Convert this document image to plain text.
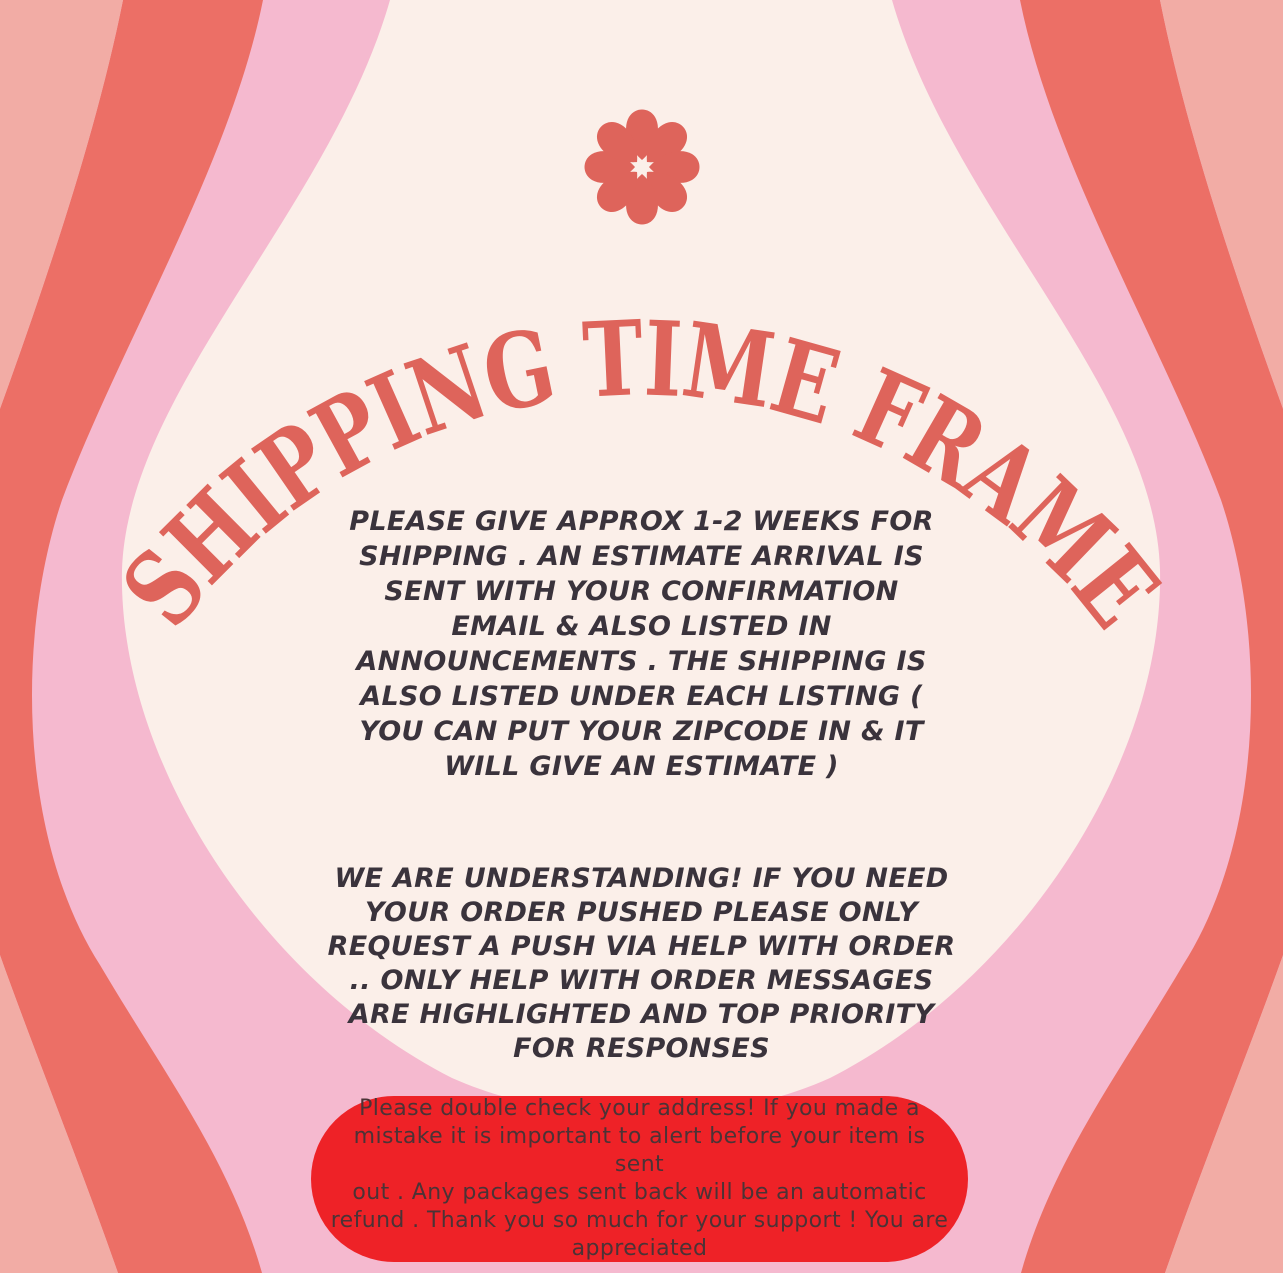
SHIPPING TIME FRAME
PLEASE GIVE APPROX 1-2 WEEKS FOR
SHIPPING . AN ESTIMATE ARRIVAL IS
SENT WITH YOUR CONFIRMATION
EMAIL & ALSO LISTED IN
ANNOUNCEMENTS . THE SHIPPING IS
ALSO LISTED UNDER EACH LISTING (
YOU CAN PUT YOUR ZIPCODE IN & IT
WILL GIVE AN ESTIMATE )
WE ARE UNDERSTANDING! IF YOU NEED
YOUR ORDER PUSHED PLEASE ONLY
REQUEST A PUSH VIA HELP WITH ORDER
.. ONLY HELP WITH ORDER MESSAGES
ARE HIGHLIGHTED AND TOP PRIORITY
FOR RESPONSES
Please double check your address! If you made a
mistake it is important to alert before your item is sent
out . Any packages sent back will be an automatic
refund . Thank you so much for your support ! You are
appreciated
